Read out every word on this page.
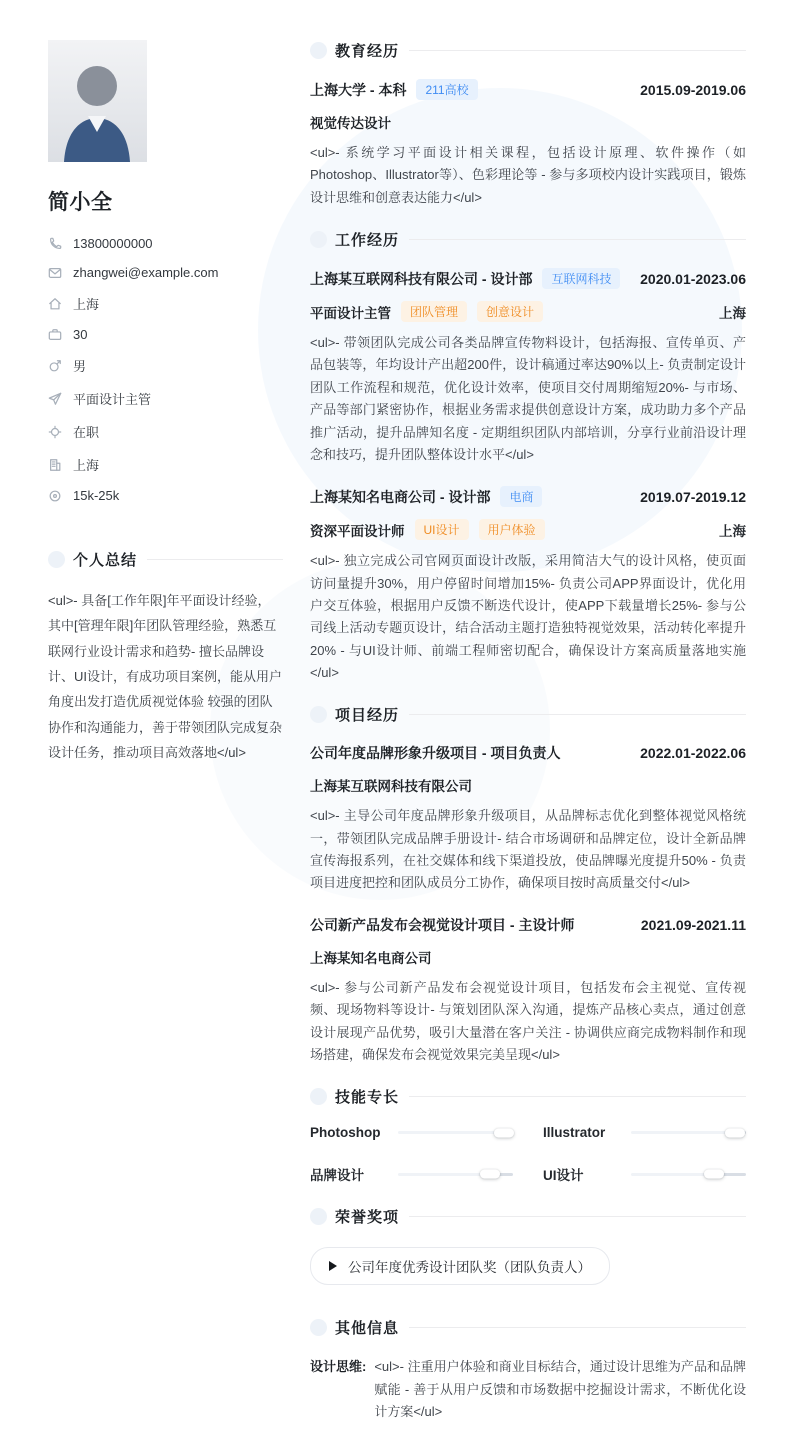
简小全
13800000000
zhangwei@example.com
上海
30
男
平面设计主管
在职
上海
15k-25k
个人总结

<ul>- 具备[工作年限]年平面设计经验，其中[管理年限]年团队管理经验，熟悉互联网行业设计需求和趋势- 擅长品牌设计、UI设计，有成功项目案例，能从用户角度出发打造优质视觉体验 较强的团队协作和沟通能力，善于带领团队完成复杂设计任务，推动项目高效落地</ul>

教育经历
上海大学 - 本科	211高校	2015.09-2019.06
视觉传达设计

<ul>- 系统学习平面设计相关课程，包括设计原理、软件操作（如Photoshop、Illustrator等）、色彩理论等 - 参与多项校内设计实践项目，锻炼设计思维和创意表达能力</ul>

工作经历
上海某互联网科技有限公司 - 设计部	互联网科技	2020.01-2023.06
平面设计主管	团队管理	创意设计	上海

<ul>- 带领团队完成公司各类品牌宣传物料设计，包括海报、宣传单页、产品包装等，年均设计产出超200件，设计稿通过率达90%以上- 负责制定设计团队工作流程和规范，优化设计效率，使项目交付周期缩短20%- 与市场、产品等部门紧密协作，根据业务需求提供创意设计方案，成功助力多个产品推广活动，提升品牌知名度 - 定期组织团队内部培训，分享行业前沿设计理念和技巧，提升团队整体设计水平</ul>

上海某知名电商公司 - 设计部	电商	2019.07-2019.12
资深平面设计师	UI设计	用户体验	上海

<ul>- 独立完成公司官网页面设计改版，采用简洁大气的设计风格，使页面访问量提升30%，用户停留时间增加15%- 负责公司APP界面设计，优化用户交互体验，根据用户反馈不断迭代设计，使APP下载量增长25%- 参与公司线上活动专题页设计，结合活动主题打造独特视觉效果，活动转化率提升20% - 与UI设计师、前端工程师密切配合，确保设计方案高质量落地实施</ul>

项目经历
公司年度品牌形象升级项目 - 项目负责人	2022.01-2022.06
上海某互联网科技有限公司

<ul>- 主导公司年度品牌形象升级项目，从品牌标志优化到整体视觉风格统一，带领团队完成品牌手册设计- 结合市场调研和品牌定位，设计全新品牌宣传海报系列，在社交媒体和线下渠道投放，使品牌曝光度提升50% - 负责项目进度把控和团队成员分工协作，确保项目按时高质量交付</ul>

公司新产品发布会视觉设计项目 - 主设计师	2021.09-2021.11
上海某知名电商公司

<ul>- 参与公司新产品发布会视觉设计项目，包括发布会主视觉、宣传视频、现场物料等设计- 与策划团队深入沟通，提炼产品核心卖点，通过创意设计展现产品优势，吸引大量潜在客户关注 - 协调供应商完成物料制作和现场搭建，确保发布会视觉效果完美呈现</ul>

技能专长
Photoshop	Illustrator
品牌设计	UI设计
荣誉奖项
公司年度优秀设计团队奖（团队负责人）
其他信息
设计思维: <ul>- 注重用户体验和商业目标结合，通过设计思维为产品和品牌赋能 - 善于从用户反馈和市场数据中挖掘设计需求，不断优化设计方案</ul>
